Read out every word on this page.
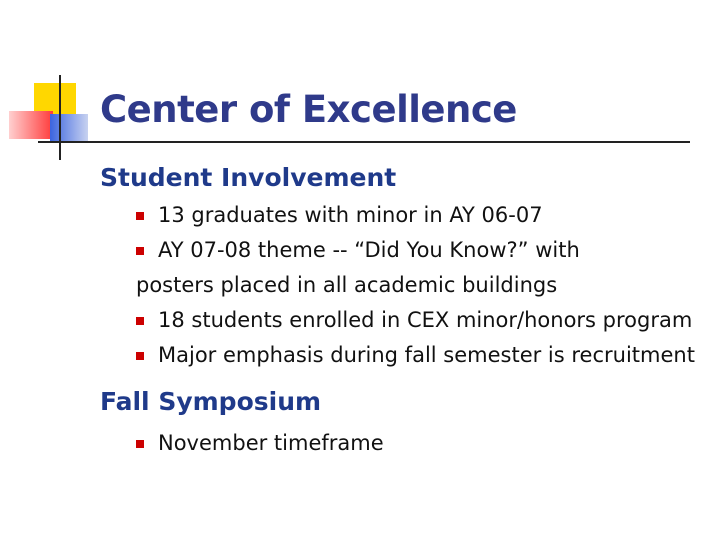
Center of Excellence
Student Involvement
13 graduates with minor in AY 06-07
AY 07-08 theme -- “Did You Know?” with
posters placed in all academic buildings
18 students enrolled in CEX minor/honors program
Major emphasis during fall semester is recruitment
Fall Symposium
November timeframe
